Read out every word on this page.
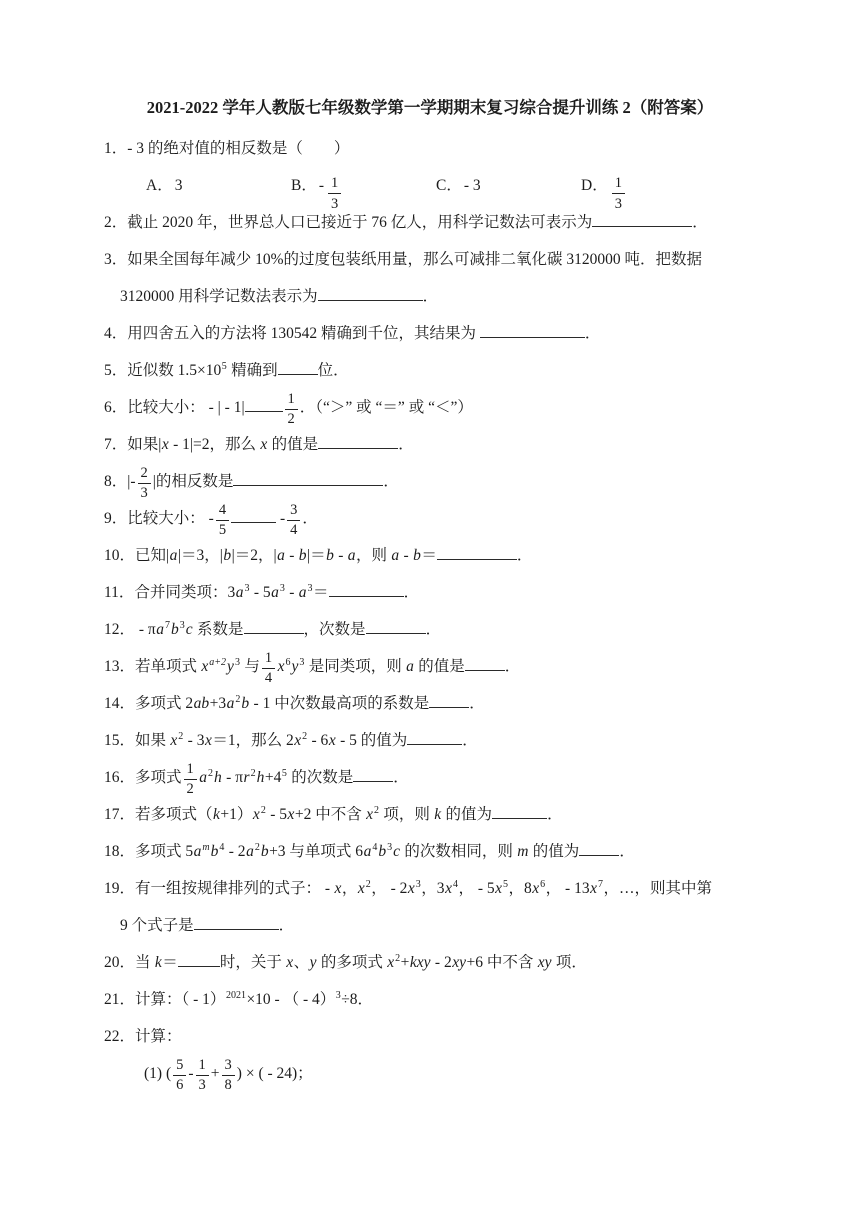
2021-2022 学年人教版七年级数学第一学期期末复习综合提升训练 2（附答案）
1． - 3 的绝对值的相反数是（　　）
A． 3	B． - $\frac{1}{3}$	C． - 3	D． $\frac{1}{3}$
2． 截止 2020 年，世界总人口已接近于 76 亿人，用科学记数法可表示为	．
3． 如果全国每年减少 10%的过度包装纸用量，那么可减排二氧化碳 3120000 吨．把数据
3120000 用科学记数法表示为	．
4． 用四舍五入的方法将 130542 精确到千位，其结果为	．
5． 近似数 1.5×10 5 精确到	位．
6． 比较大小： - | - 1|	$\frac{1}{2}$ ．（“＞” 或 “＝” 或 “＜”）
7． 如果| x - 1|=2，那么 x 的值是	．
8． | - $\frac{2}{3}$ |的相反数是	．
9． 比较大小： - $\frac{4}{5}$	- $\frac{3}{4}$ ．
10． 已知| a |＝3，| b |＝2，| a - b |＝ b - a ，则 a - b ＝	．
11． 合并同类项：3 a 3 - 5 a 3 - a 3 ＝	．
12． - π a 7 b 3 c 系数是	，次数是	．
13． 若单项式 x a+2 y 3 与 $\frac{1}{4}$ x 6 y 3 是同类项，则 a 的值是	．
14． 多项式 2 ab +3 a 2 b - 1 中次数最高项的系数是	．
15． 如果 x 2 - 3 x ＝1，那么 2 x 2 - 6 x - 5 的值为	．
16． 多项式 $\frac{1}{2}$ a 2 h - π r 2 h +4 5 的次数是	．
17． 若多项式（ k +1） x 2 - 5 x +2 中不含 x 2 项，则 k 的值为	．
18． 多项式 5 a m b 4 - 2 a 2 b +3 与单项式 6 a 4 b 3 c 的次数相同，则 m 的值为	．
19． 有一组按规律排列的式子： - x ， x 2 ， - 2 x 3 ，3 x 4 ， - 5 x 5 ，8 x 6 ， - 13 x 7 ，…，则其中第
9 个式子是	．
20． 当 k ＝	时，关于 x 、 y 的多项式 x 2 + kxy - 2 xy +6 中不含 xy 项．
21． 计算：（ - 1） 2021 ×10 - （ - 4） 3 ÷8．
22． 计算：
(1) ( $\frac{5}{6} - \frac{1}{3} + \frac{3}{8}$ ) × ( - 24)；
